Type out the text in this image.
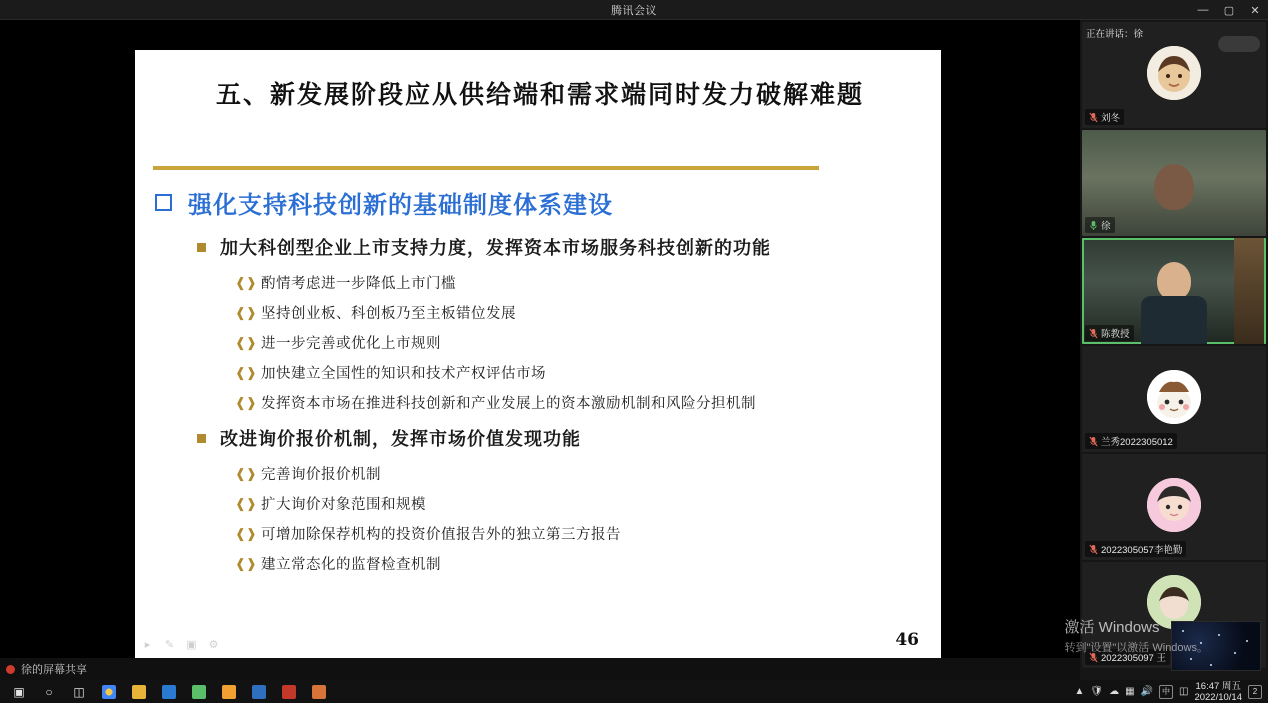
腾讯会议	—	▢	✕
五、新发展阶段应从供给端和需求端同时发力破解难题
强化支持科技创新的基础制度体系建设
加大科创型企业上市支持力度，发挥资本市场服务科技创新的功能
❰❱ 酌情考虑进一步降低上市门槛
❰❱ 坚持创业板、科创板乃至主板错位发展
❰❱ 进一步完善或优化上市规则
❰❱ 加快建立全国性的知识和技术产权评估市场
❰❱ 发挥资本市场在推进科技创新和产业发展上的资本激励机制和风险分担机制
改进询价报价机制，发挥市场价值发现功能
❰❱ 完善询价报价机制
❰❱ 扩大询价对象范围和规模
❰❱ 可增加除保荐机构的投资价值报告外的独立第三方报告
❰❱ 建立常态化的监督检查机制
46
▸	✎ ▣ ⚙
徐的屏幕共享
正在讲话：徐
刘冬
徐
陈教授
兰秀2022305012
2022305057李艳勤
2022305097 王
激活 Windows
转到"设置"以激活 Windows。
▣	○	◫	▲ 🛡 ☁ ▦ 🔊	中 ◫ 16:47 周五
2022/10/14	2
